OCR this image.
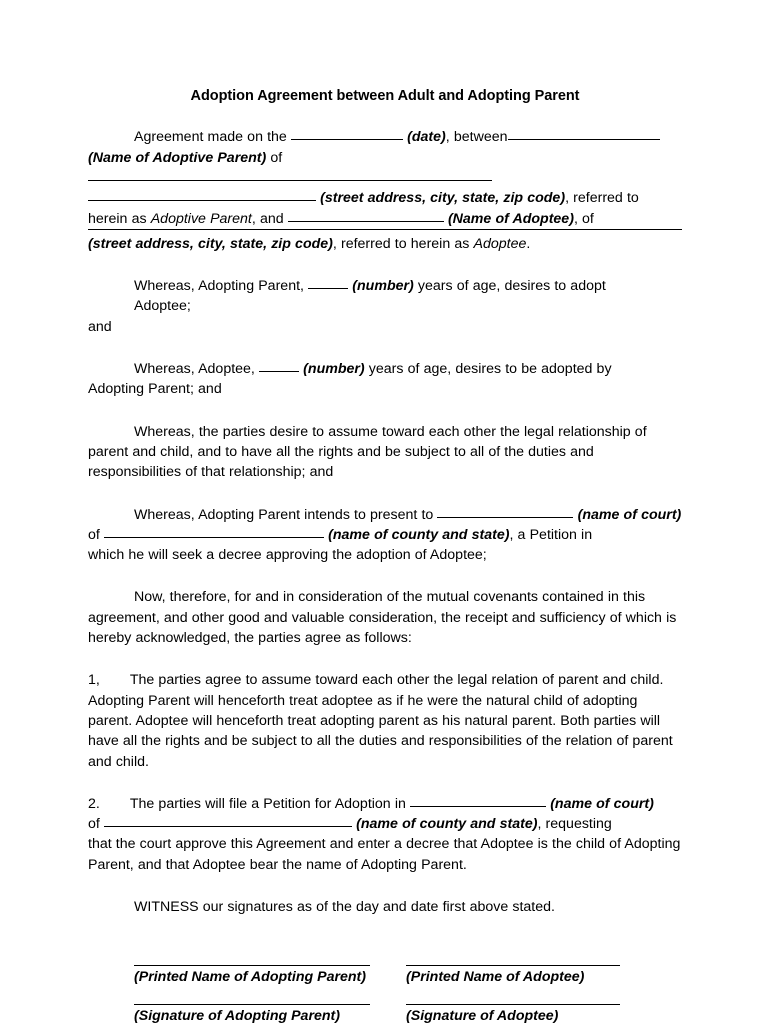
Adoption Agreement between Adult and Adopting Parent
Agreement made on the	(date), between
(Name of Adoptive Parent) of
(street address, city, state, zip code), referred to
herein as Adoptive Parent, and	(Name of Adoptee), of
(street address, city, state, zip code), referred to herein as Adoptee.
Whereas, Adopting Parent,	(number) years of age, desires to adopt
Adoptee;
and
Whereas, Adoptee,	(number) years of age, desires to be adopted by
Adopting Parent; and
Whereas, the parties desire to assume toward each other the legal relationship of parent and child, and to have all the rights and be subject to all of the duties and responsibilities of that relationship; and
Whereas, Adopting Parent intends to present to	(name of court)
of	(name of county and state), a Petition in
which he will seek a decree approving the adoption of Adoptee;
Now, therefore, for and in consideration of the mutual covenants contained in this agreement, and other good and valuable consideration, the receipt and sufficiency of which is hereby acknowledged, the parties agree as follows:
1, The parties agree to assume toward each other the legal relation of parent and child. Adopting Parent will henceforth treat adoptee as if he were the natural child of adopting parent. Adoptee will henceforth treat adopting parent as his natural parent. Both parties will have all the rights and be subject to all the duties and responsibilities of the relation of parent and child.
2. The parties will file a Petition for Adoption in	(name of court)
of	(name of county and state), requesting
that the court approve this Agreement and enter a decree that Adoptee is the child of Adopting Parent, and that Adoptee bear the name of Adopting Parent.
WITNESS our signatures as of the day and date first above stated.
(Printed Name of Adopting Parent)
(Signature of Adopting Parent)
(Printed Name of Adoptee)
(Signature of Adoptee)
